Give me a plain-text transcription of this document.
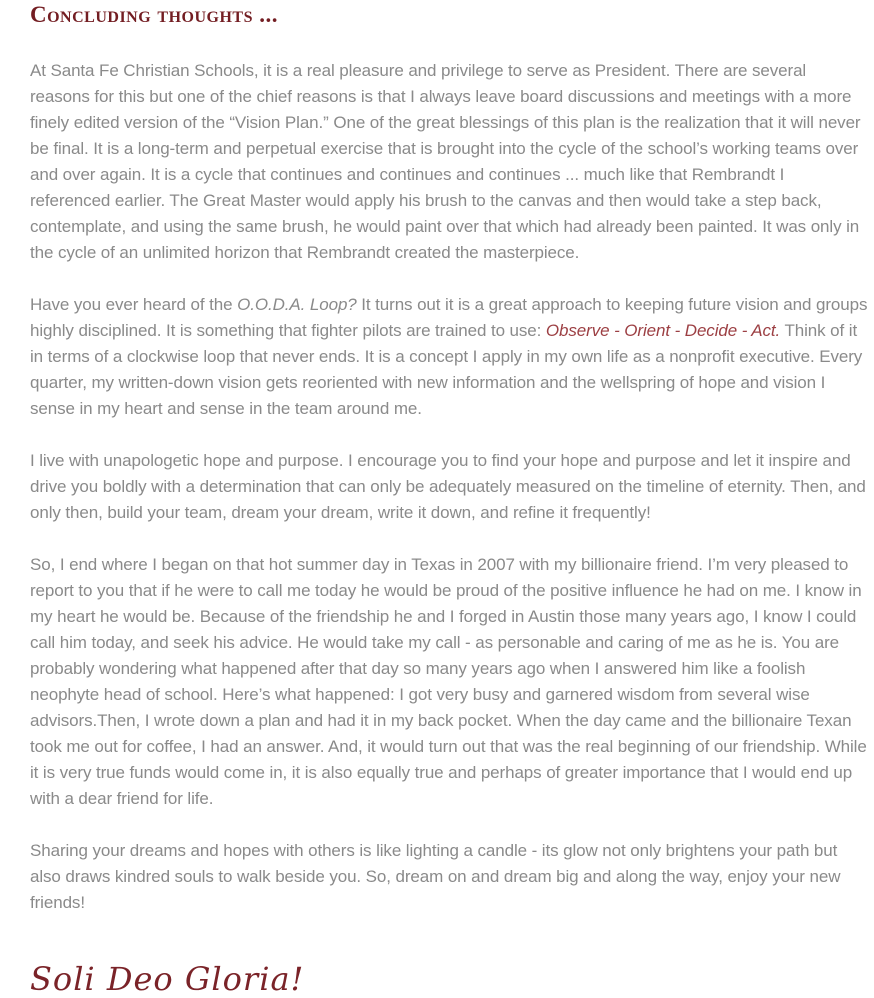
Concluding thoughts ...

At Santa Fe Christian Schools, it is a real pleasure and privilege to serve as President. There are several reasons for this but one of the chief reasons is that I always leave board discussions and meetings with a more finely edited version of the “Vision Plan.” One of the great blessings of this plan is the realization that it will never be final. It is a long-term and perpetual exercise that is brought into the cycle of the school’s working teams over and over again. It is a cycle that continues and continues and continues ... much like that Rembrandt I referenced earlier. The Great Master would apply his brush to the canvas and then would take a step back, contemplate, and using the same brush, he would paint over that which had already been painted. It was only in the cycle of an unlimited horizon that Rembrandt created the masterpiece.

Have you ever heard of the O.O.D.A. Loop? It turns out it is a great approach to keeping future vision and groups highly disciplined. It is something that fighter pilots are trained to use: Observe - Orient - Decide - Act. Think of it in terms of a clockwise loop that never ends. It is a concept I apply in my own life as a nonprofit executive. Every quarter, my written-down vision gets reoriented with new information and the wellspring of hope and vision I sense in my heart and sense in the team around me.

I live with unapologetic hope and purpose. I encourage you to find your hope and purpose and let it inspire and drive you boldly with a determination that can only be adequately measured on the timeline of eternity. Then, and only then, build your team, dream your dream, write it down, and refine it frequently!

So, I end where I began on that hot summer day in Texas in 2007 with my billionaire friend. I’m very pleased to report to you that if he were to call me today he would be proud of the positive influence he had on me. I know in my heart he would be. Because of the friendship he and I forged in Austin those many years ago, I know I could call him today, and seek his advice. He would take my call - as personable and caring of me as he is. You are probably wondering what happened after that day so many years ago when I answered him like a foolish neophyte head of school. Here’s what happened: I got very busy and garnered wisdom from several wise advisors.Then, I wrote down a plan and had it in my back pocket. When the day came and the billionaire Texan took me out for coffee, I had an answer. And, it would turn out that was the real beginning of our friendship. While it is very true funds would come in, it is also equally true and perhaps of greater importance that I would end up with a dear friend for life.

Sharing your dreams and hopes with others is like lighting a candle - its glow not only brightens your path but also draws kindred souls to walk beside you. So, dream on and dream big and along the way, enjoy your new friends!

Soli Deo Gloria!
